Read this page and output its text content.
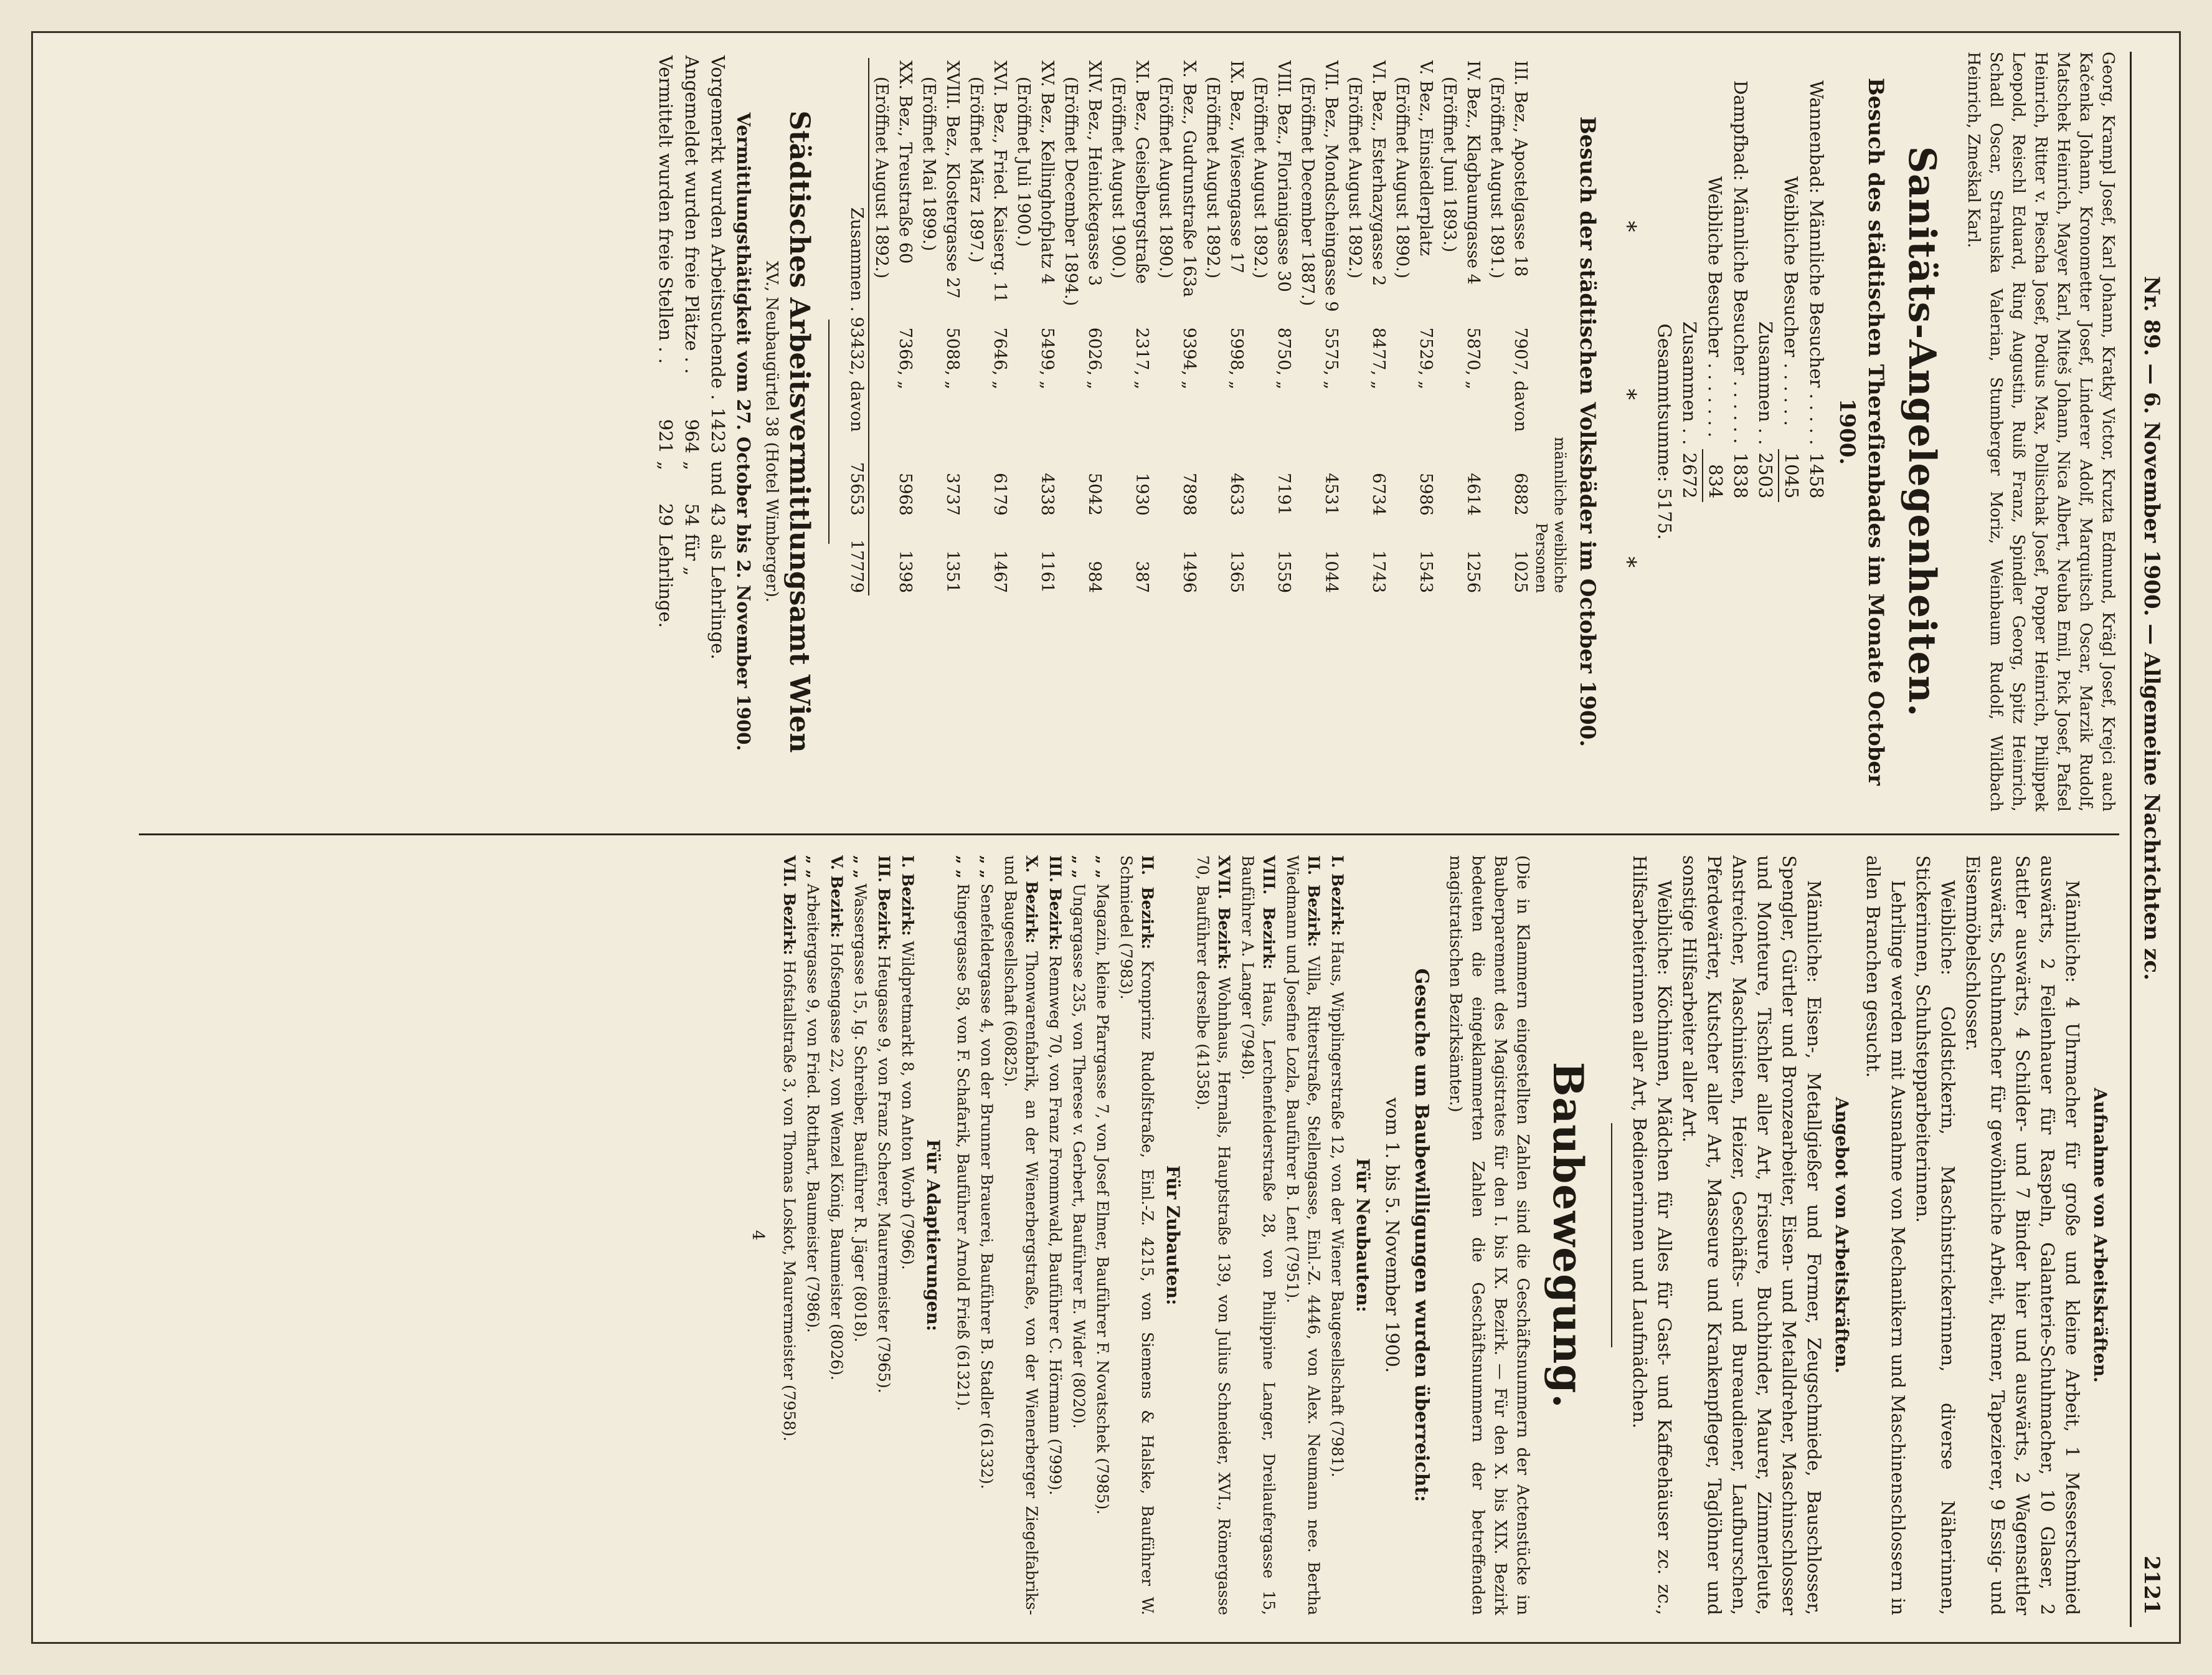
Nr. 89. — 6. November 1900. — Allgemeine Nachrichten zc.
2121

Georg, Krampl Josef, Karl Johann, Kratky Victor, Kruzta Edmund, Krägl Josef, Krejci auch Kačenka Johann, Kronometter Josef, Linderer Adolf, Marquitsch Oscar, Marzik Rudolf, Matschek Heinrich, Mayer Karl, Miteš Johann, Nica Albert, Neuba Emil, Pick Josef, Pafsel Heinrich, Ritter v. Piescha Josef, Podius Max, Pollischak Josef, Popper Heinrich, Philippek Leopold, Reischl Eduard, Ring Augustin, Ruiß Franz, Spindler Georg, Spitz Heinrich, Schadl Oscar, Strahuska Valerian, Stumberger Moriz, Weinbaum Rudolf, Wildbach Heinrich, Zmeškal Karl.

Sanitäts-Angelegenheiten.
Besuch des städtischen Thereſienbades im Monate October 1900.
Wannenbad: Männliche Besucher . . . . .	1458
Weibliche Besucher . . . . . .	1045
Zusammen . .	2503
Dampfbad: Männliche Besucher . . . . . .	1838
Weibliche Besucher . . . . . . .	834
Zusammen . .	2672

Gesammtsumme: 5175.

* * *
Besuch der städtischen Volksbäder im October 1900.
			männliche	weibliche
				Personen
III. Bez., Apostelgasse 18	7907,	davon	6882	1025
(Eröffnet August 1891.)				
IV. Bez., Klagbaumgasse 4	5870,	„	4614	1256
(Eröffnet Juni 1893.)				
V. Bez., Einsiedlerplatz	7529,	„	5986	1543
(Eröffnet August 1890.)				
VI. Bez., Esterhazygasse 2	8477,	„	6734	1743
(Eröffnet August 1892.)				
VII. Bez., Mondscheingasse 9	5575,	„	4531	1044
(Eröffnet December 1887.)				
VIII. Bez., Florianigasse 30	8750,	„	7191	1559
(Eröffnet August 1892.)				
IX. Bez., Wiesengasse 17	5998,	„	4633	1365
(Eröffnet August 1892.)				
X. Bez., Gudrunstraße 163a	9394,	„	7898	1496
(Eröffnet August 1890.)				
XI. Bez., Geiselbergstraße	2317,	„	1930	387
(Eröffnet August 1900.)				
XIV. Bez., Heinickegasse 3	6026,	„	5042	984
(Eröffnet December 1894.)				
XV. Bez., Kellinghofplatz 4	5499,	„	4338	1161
(Eröffnet Juli 1900.)				
XVI. Bez., Fried. Kaiserg. 11	7646,	„	6179	1467
(Eröffnet März 1897.)				
XVIII. Bez., Klostergasse 27	5088,	„	3737	1351
(Eröffnet Mai 1899.)				
XX. Bez., Treustraße 60	7366,	„	5968	1398
(Eröffnet August 1892.)				
Zusammen .	93432,	davon	75653	17779
Städtisches Arbeitsvermittlungsamt Wien
XV., Neubaugürtel 38 (Hotel Wimberger).

Vermittlungsthätigkeit vom 27. October bis 2. November 1900.

Vorgemerkt wurden Arbeitsuchende .	1423	und	43	als Lehrlinge.
Angemeldet wurden freie Plätze . .	964	„	54	für „
Vermittelt wurden freie Stellen . .	921	„	29	Lehrlinge.
Aufnahme von Arbeitskräften.

Männliche: 4 Uhrmacher für große und kleine Arbeit, 1 Messerschmied auswärts, 2 Feilenhauer für Raspeln, Galanterie-Schuhmacher, 10 Glaser, 2 Sattler auswärts, 4 Schilder- und 7 Binder hier und auswärts, 2 Wagensattler auswärts, Schuhmacher für gewöhnliche Arbeit, Riemer, Tapezierer, 9 Essig- und Eisenmöbelschlosser.

Weibliche: Goldstickerin, Maschinstrickerinnen, diverse Näherinnen, Stickerinnen, Schuhstepparbeiterinnen.

Lehrlinge werden mit Ausnahme von Mechanikern und Maschinenschlossern in allen Branchen gesucht.

Angebot von Arbeitskräften.

Männliche: Eisen-, Metallgießer und Former, Zeugschmiede, Bauschlosser, Spengler, Gürtler und Bronzearbeiter, Eisen- und Metalldreher, Maschinschlosser und Monteure, Tischler aller Art, Friseure, Buchbinder, Maurer, Zimmerleute, Anstreicher, Maschinisten, Heizer, Geschäfts- und Bureaudiener, Laufburschen, Pferdewärter, Kutscher aller Art, Masseure und Krankenpfleger, Taglöhner und sonstige Hilfsarbeiter aller Art.

Weibliche: Köchinnen, Mädchen für Alles für Gast- und Kaffeehäuser zc. zc., Hilfsarbeiterinnen aller Art, Bedienerinnen und Laufmädchen.

Baubewegung.

(Die in Klammern eingestellten Zahlen sind die Geschäftsnummern der Actenstücke im Bauberparement des Magistrates für den I. bis IX. Bezirk. — Für den X. bis XIX. Bezirk bedeuten die eingeklammerten Zahlen die Geschäftsnummern der betreffenden magistratischen Bezirksämter.)

Gesuche um Baubewilligungen wurden überreicht:
vom 1. bis 5. November 1900.
Für Neubauten:

I. Bezirk: Haus, Wipplingerstraße 12, von der Wiener Baugesellschaft (7981).

II. Bezirk: Villa, Ritterstraße, Stellengasse, Einl.-Z. 4446, von Alex. Neumann nee. Bertha Wiedmann und Josefine Lozla, Bauführer B. Lent (7951).

VIII. Bezirk: Haus, Lerchenfelderstraße 28, von Philippine Langer, Dreilaufergasse 15, Bauführer A. Langer (7948).

XVII. Bezirk: Wohnhaus, Hernals, Hauptstraße 139, von Julius Schneider, XVI., Römergasse 70, Bauführer derselbe (41358).

Für Zubauten:

II. Bezirk: Kronprinz Rudolfstraße, Einl.-Z. 4215, von Siemens & Halske, Bauführer W. Schmiedel (7983).

„ „ Magazin, kleine Pfarrgasse 7, von Josef Elmer, Bauführer F. Novatschek (7985).

„ „ Ungargasse 235, von Therese v. Gerbert, Bauführer E. Wider (8020).

III. Bezirk: Rennweg 70, von Franz Frommwald, Bauführer C. Hörmann (7999).

X. Bezirk: Thonwarenfabrik, an der Wienerbergstraße, von der Wienerberger Ziegelfabriks- und Baugesellschaft (60825).

„ „ Senefeldergasse 4, von der Brunner Brauerei, Bauführer B. Stadler (61332).

„ „ Ringergasse 58, von F. Schafarik, Bauführer Arnold Frieß (61321).

Für Adaptierungen:

I. Bezirk: Wildpretmarkt 8, von Anton Worb (7966).

III. Bezirk: Heugasse 9, von Franz Scherer, Maurermeister (7965).

„ „ Wassergasse 15, Ig. Schreiber, Bauführer R. Jäger (8018).

V. Bezirk: Hofsengasse 22, von Wenzel König, Baumeister (8026).

„ „ Arbeitergasse 9, von Fried. Rotthart, Baumeister (7986).

VII. Bezirk: Hofstallstraße 3, von Thomas Loskot, Maurermeister (7958).

4
